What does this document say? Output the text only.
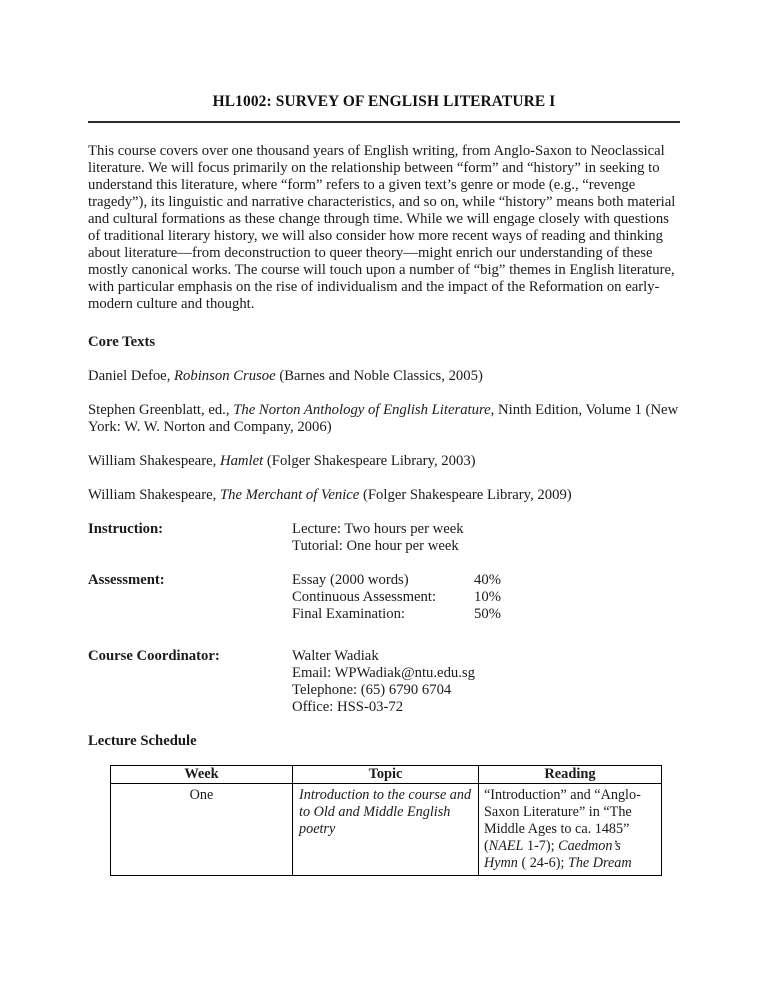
HL1002: SURVEY OF ENGLISH LITERATURE I

This course covers over one thousand years of English writing, from Anglo-Saxon to Neoclassical literature. We will focus primarily on the relationship between “form” and “history” in seeking to understand this literature, where “form” refers to a given text’s genre or mode (e.g., “revenge tragedy”), its linguistic and narrative characteristics, and so on, while “history” means both material and cultural formations as these change through time. While we will engage closely with questions of traditional literary history, we will also consider how more recent ways of reading and thinking about literature—from deconstruction to queer theory—might enrich our understanding of these mostly canonical works. The course will touch upon a number of “big” themes in English literature, with particular emphasis on the rise of individualism and the impact of the Reformation on early-modern culture and thought.

Core Texts

Daniel Defoe, Robinson Crusoe (Barnes and Noble Classics, 2005)

Stephen Greenblatt, ed., The Norton Anthology of English Literature, Ninth Edition, Volume 1 (New York: W. W. Norton and Company, 2006)

William Shakespeare, Hamlet (Folger Shakespeare Library, 2003)

William Shakespeare, The Merchant of Venice (Folger Shakespeare Library, 2009)

Instruction:	Lecture: Two hours per week
Tutorial: One hour per week
Assessment:	Essay (2000 words)	40%
Continuous Assessment:	10%
Final Examination:	50%
Course Coordinator:	Walter Wadiak
Email: WPWadiak@ntu.edu.sg
Telephone: (65) 6790 6704
Office: HSS-03-72
Lecture Schedule
Week	Topic	Reading
One	Introduction to the course and to Old and Middle English poetry	“Introduction” and “Anglo-Saxon Literature” in “The Middle Ages to ca. 1485” (NAEL 1-7); Caedmon’s Hymn ( 24-6); The Dream
